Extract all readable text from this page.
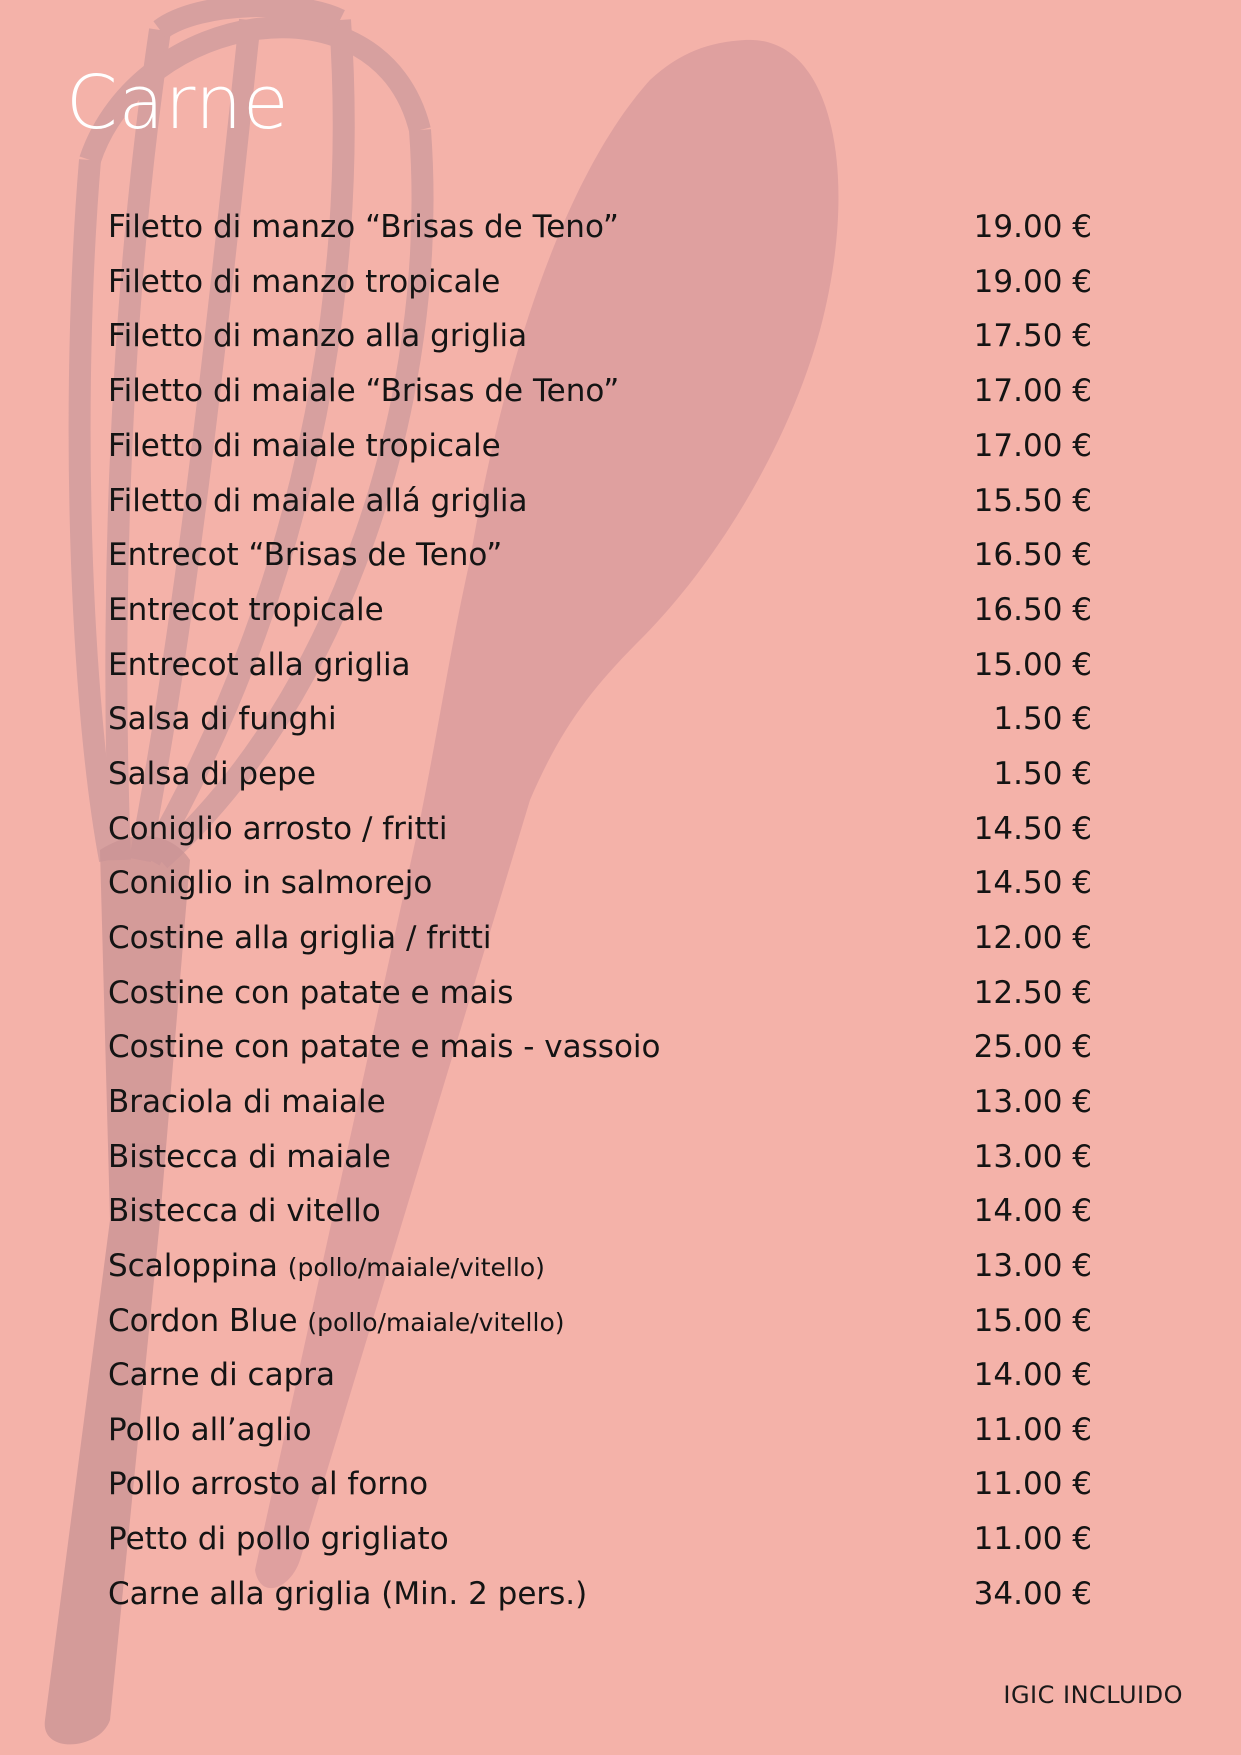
Carne
Filetto di manzo “Brisas de Teno”	19.00 €
Filetto di manzo tropicale	19.00 €
Filetto di manzo alla griglia	17.50 €
Filetto di maiale “Brisas de Teno”	17.00 €
Filetto di maiale tropicale	17.00 €
Filetto di maiale allá griglia	15.50 €
Entrecot “Brisas de Teno”	16.50 €
Entrecot tropicale	16.50 €
Entrecot alla griglia	15.00 €
Salsa di funghi	1.50 €
Salsa di pepe	1.50 €
Coniglio arrosto / fritti	14.50 €
Coniglio in salmorejo	14.50 €
Costine alla griglia / fritti	12.00 €
Costine con patate e mais	12.50 €
Costine con patate e mais - vassoio	25.00 €
Braciola di maiale	13.00 €
Bistecca di maiale	13.00 €
Bistecca di vitello	14.00 €
Scaloppina (pollo/maiale/vitello)	13.00 €
Cordon Blue (pollo/maiale/vitello)	15.00 €
Carne di capra	14.00 €
Pollo all’aglio	11.00 €
Pollo arrosto al forno	11.00 €
Petto di pollo grigliato	11.00 €
Carne alla griglia (Min. 2 pers.)	34.00 €
IGIC INCLUIDO
